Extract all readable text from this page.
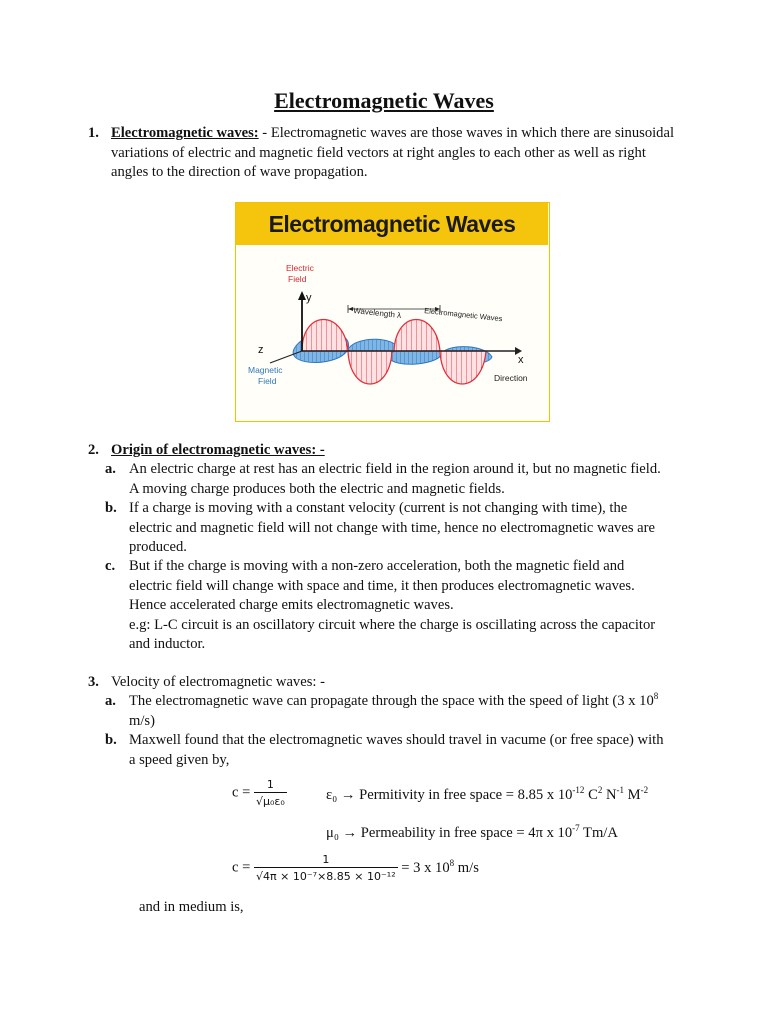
Electromagnetic Waves
1. Electromagnetic waves: - Electromagnetic waves are those waves in which there are sinusoidal variations of electric and magnetic field vectors at right angles to each other as well as right angles to the direction of wave propagation.
Electromagnetic Waves
Electric
Field
y
z
x
Magnetic
Field
Wavelength λ	Electromagnetic Waves
Direction
2. Origin of electromagnetic waves: -
a. An electric charge at rest has an electric field in the region around it, but no magnetic field. A moving charge produces both the electric and magnetic fields.
b. If a charge is moving with a constant velocity (current is not changing with time), the electric and magnetic field will not change with time, hence no electromagnetic waves are produced.
c. But if the charge is moving with a non-zero acceleration, both the magnetic field and electric field will change with space and time, it then produces electromagnetic waves. Hence accelerated charge emits electromagnetic waves.
e.g: L-C circuit is an oscillatory circuit where the charge is oscillating across the capacitor and inductor.
3. Velocity of electromagnetic waves: -
a. The electromagnetic wave can propagate through the space with the speed of light (3 x $10^8$ m/s)
b. Maxwell found that the electromagnetic waves should travel in vacume (or free space) with a speed given by,
$c = \frac{1}{\text{√μ₀ε₀}}$	ε₀ → Permitivity in free space = 8.85 x $10^{-12}$ $C^2$ $N^{-1}$ $M^{-2}$
μ₀ → Permeability in free space = 4π x $10^{-7}$ Tm/A
$c = \frac{1}{\text{√4π × 10⁻⁷×8.85 × 10⁻¹²}} = 3$ x $10^8$ m/s
and in medium is,
